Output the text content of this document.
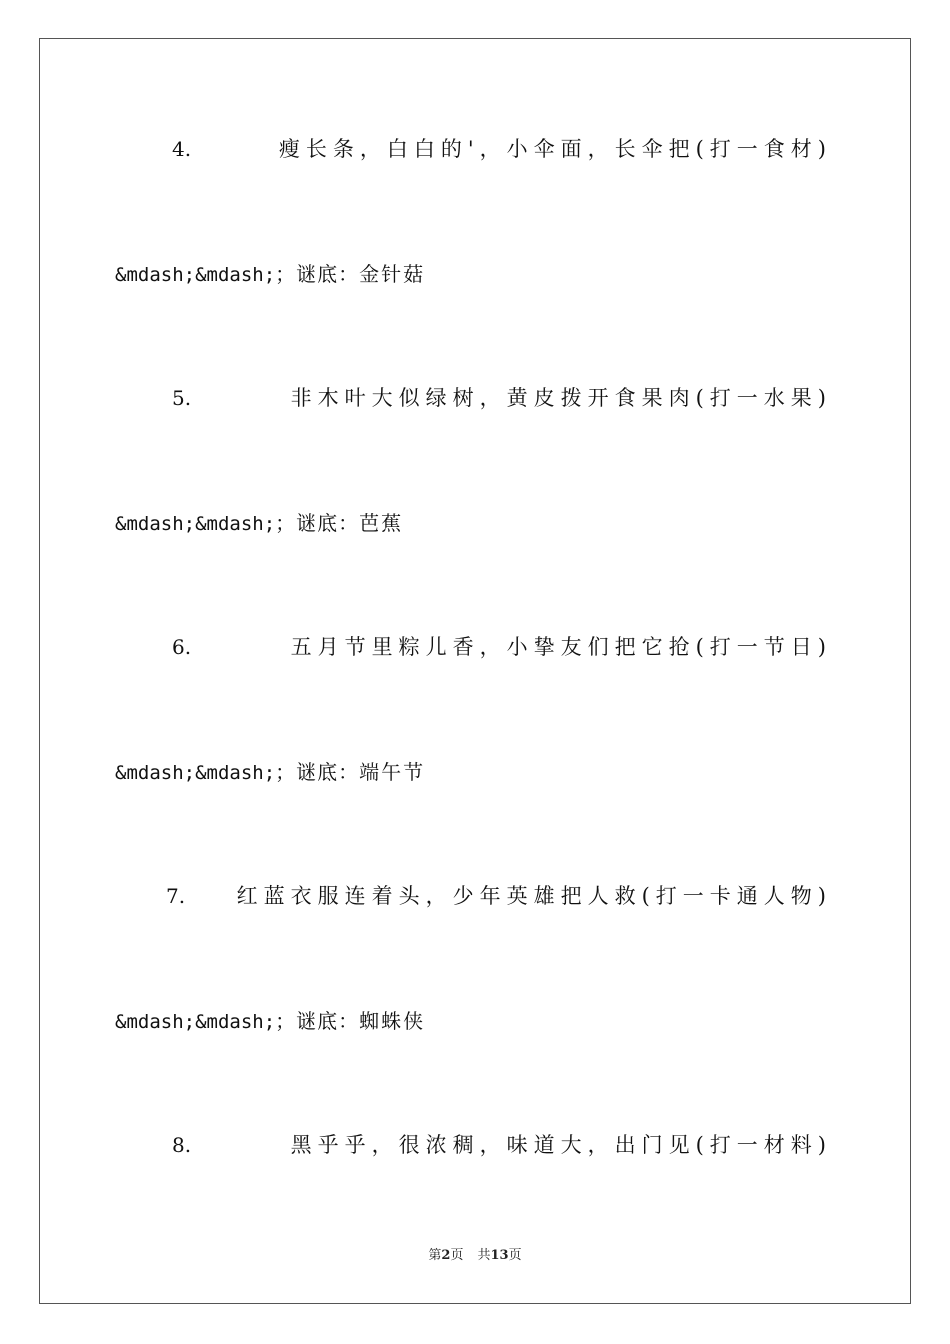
4.	瘦长条，白白的'，小伞面，长伞把(打一食材)
&mdash;&mdash;；谜底：金针菇
5.	非木叶大似绿树，黄皮拨开食果肉(打一水果)
&mdash;&mdash;；谜底：芭蕉
6.	五月节里粽儿香，小挚友们把它抢(打一节日)
&mdash;&mdash;；谜底：端午节
7. 红蓝衣服连着头，少年英雄把人救(打一卡通人物)
&mdash;&mdash;；谜底：蜘蛛侠
8.	黑乎乎，很浓稠，味道大，出门见(打一材料)
第2页 共13页
